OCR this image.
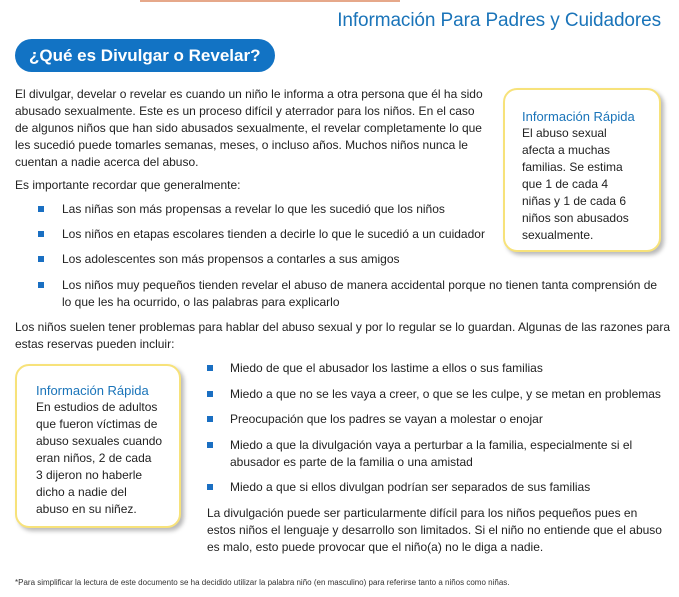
Información Para Padres y Cuidadores
¿Qué es Divulgar o Revelar?

El divulgar, develar o revelar es cuando un niño le informa a otra persona que él ha sido

abusado sexualmente. Este es un proceso difícil y aterrador para los niños. En el caso

de algunos niños que han sido abusados sexualmente, el revelar completamente lo que

les sucedió puede tomarles semanas, meses, o incluso años. Muchos niños nunca le

cuentan a nadie acerca del abuso.

Es importante recordar que generalmente:

Las niñas son más propensas a revelar lo que les sucedió que los niños
Los niños en etapas escolares tienden a decirle lo que le sucedió a un cuidador
Los adolescentes son más propensos a contarles a sus amigos
Los niños muy pequeños tienden revelar el abuso de manera accidental porque no tienen tanta comprensión de
lo que les ha ocurrido, o las palabras para explicarlo

Los niños suelen tener problemas para hablar del abuso sexual y por lo regular se lo guardan. Algunas de las razones para

estas reservas pueden incluir:

Miedo de que el abusador los lastime a ellos o sus familias
Miedo a que no se les vaya a creer, o que se les culpe, y se metan en problemas
Preocupación que los padres se vayan a molestar o enojar
Miedo a que la divulgación vaya a perturbar a la familia, especialmente si el
abusador es parte de la familia o una amistad
Miedo a que si ellos divulgan podrían ser separados de sus familias

La divulgación puede ser particularmente difícil para los niños pequeños pues en

estos niños el lenguaje y desarrollo son limitados. Si el niño no entiende que el abuso

es malo, esto puede provocar que el niño(a) no le diga a nadie.

Información Rápida
El abuso sexual
afecta a muchas
familias. Se estima
que 1 de cada 4
niñas y 1 de cada 6
niños son abusados
sexualmente.
Información Rápida
En estudios de adultos
que fueron víctimas de
abuso sexuales cuando
eran niños, 2 de cada
3 dijeron no haberle
dicho a nadie del
abuso en su niñez.
*Para simplificar la lectura de este documento se ha decidido utilizar la palabra niño (en masculino) para referirse tanto a niños como niñas.
